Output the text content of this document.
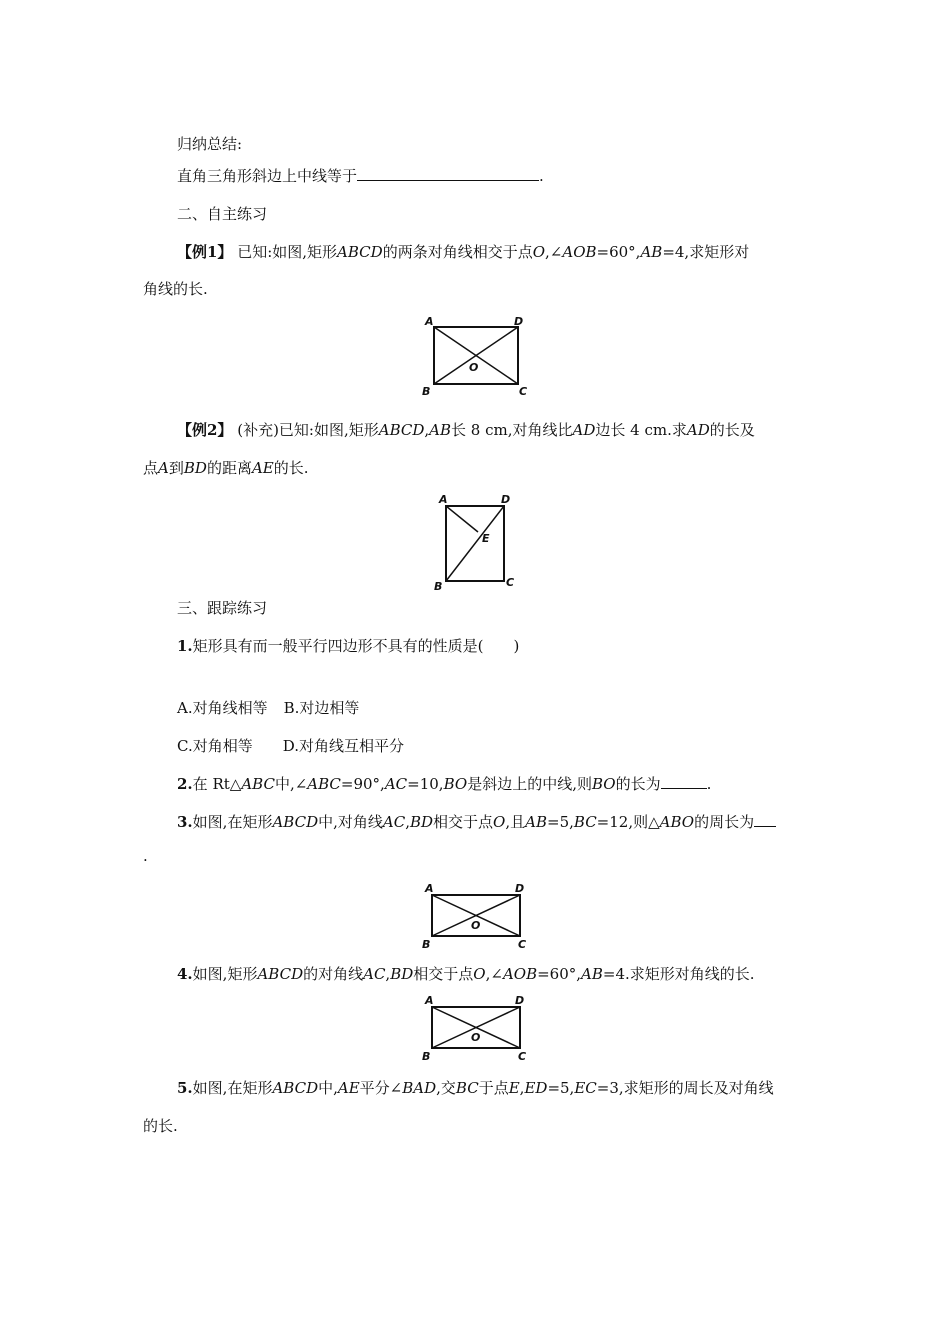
归纳总结:
直角三角形斜边上中线等于	.
二、自主练习
【例1】 已知:如图,矩形ABCD的两条对角线相交于点O,∠AOB=60°,AB=4,求矩形对
角线的长.
A	D
B	C
O
【例2】 (补充)已知:如图,矩形ABCD,AB长 8 cm,对角线比AD边长 4 cm.求AD的长及
点A到BD的距离AE的长.
A	D
B	C
E
三、跟踪练习
1.矩形具有而一般平行四边形不具有的性质是(　　)
A.对角线相等 B.对边相等
C.对角相等 D.对角线互相平分
2.在 Rt△ABC中,∠ABC=90°,AC=10,BO是斜边上的中线,则BO的长为	.
3.如图,在矩形ABCD中,对角线AC,BD相交于点O,且AB=5,BC=12,则△ABO的周长为
.
A	D
B	C
O
4.如图,矩形ABCD的对角线AC,BD相交于点O,∠AOB=60°,AB=4.求矩形对角线的长.
A	D
B	C
O
5.如图,在矩形ABCD中,AE平分∠BAD,交BC于点E,ED=5,EC=3,求矩形的周长及对角线
的长.
